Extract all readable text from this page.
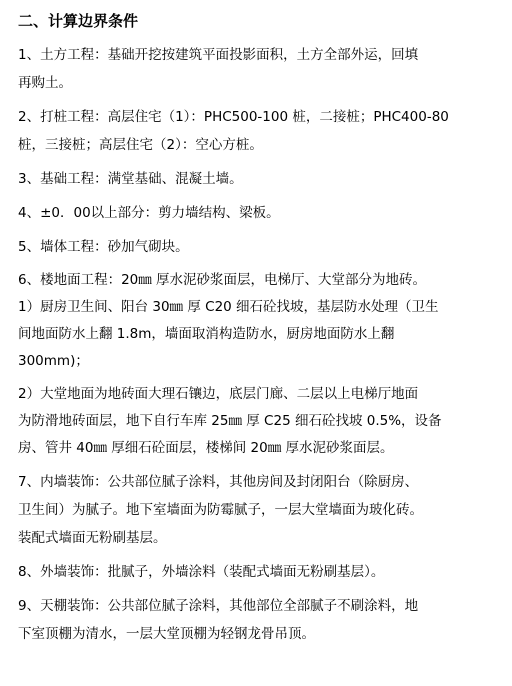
二、计算边界条件
1、土方工程：基础开挖按建筑平面投影面积，土方全部外运，回填
再购土。
2、打桩工程：高层住宅（1）：PHC500-100 桩，二接桩；PHC400-80
桩，三接桩；高层住宅（2）：空心方桩。
3、基础工程：满堂基础、混凝土墙。
4、±0．00以上部分：剪力墙结构、梁板。
5、墙体工程：砂加气砌块。
6、楼地面工程：20㎜ 厚水泥砂浆面层，电梯厅、大堂部分为地砖。
1）厨房卫生间、阳台 30㎜ 厚 C20 细石砼找坡，基层防水处理（卫生
间地面防水上翻 1.8m，墙面取消构造防水，厨房地面防水上翻
300mm)；
2）大堂地面为地砖面大理石镶边，底层门廊、二层以上电梯厅地面
为防滑地砖面层，地下自行车库 25㎜ 厚 C25 细石砼找坡 0.5%，设备
房、管井 40㎜ 厚细石砼面层，楼梯间 20㎜ 厚水泥砂浆面层。
7、内墙装饰：公共部位腻子涂料，其他房间及封闭阳台（除厨房、
卫生间）为腻子。地下室墙面为防霉腻子，一层大堂墙面为玻化砖。
装配式墙面无粉刷基层。
8、外墙装饰：批腻子，外墙涂料（装配式墙面无粉刷基层）。
9、天棚装饰：公共部位腻子涂料，其他部位全部腻子不刷涂料，地
下室顶棚为清水，一层大堂顶棚为轻钢龙骨吊顶。
